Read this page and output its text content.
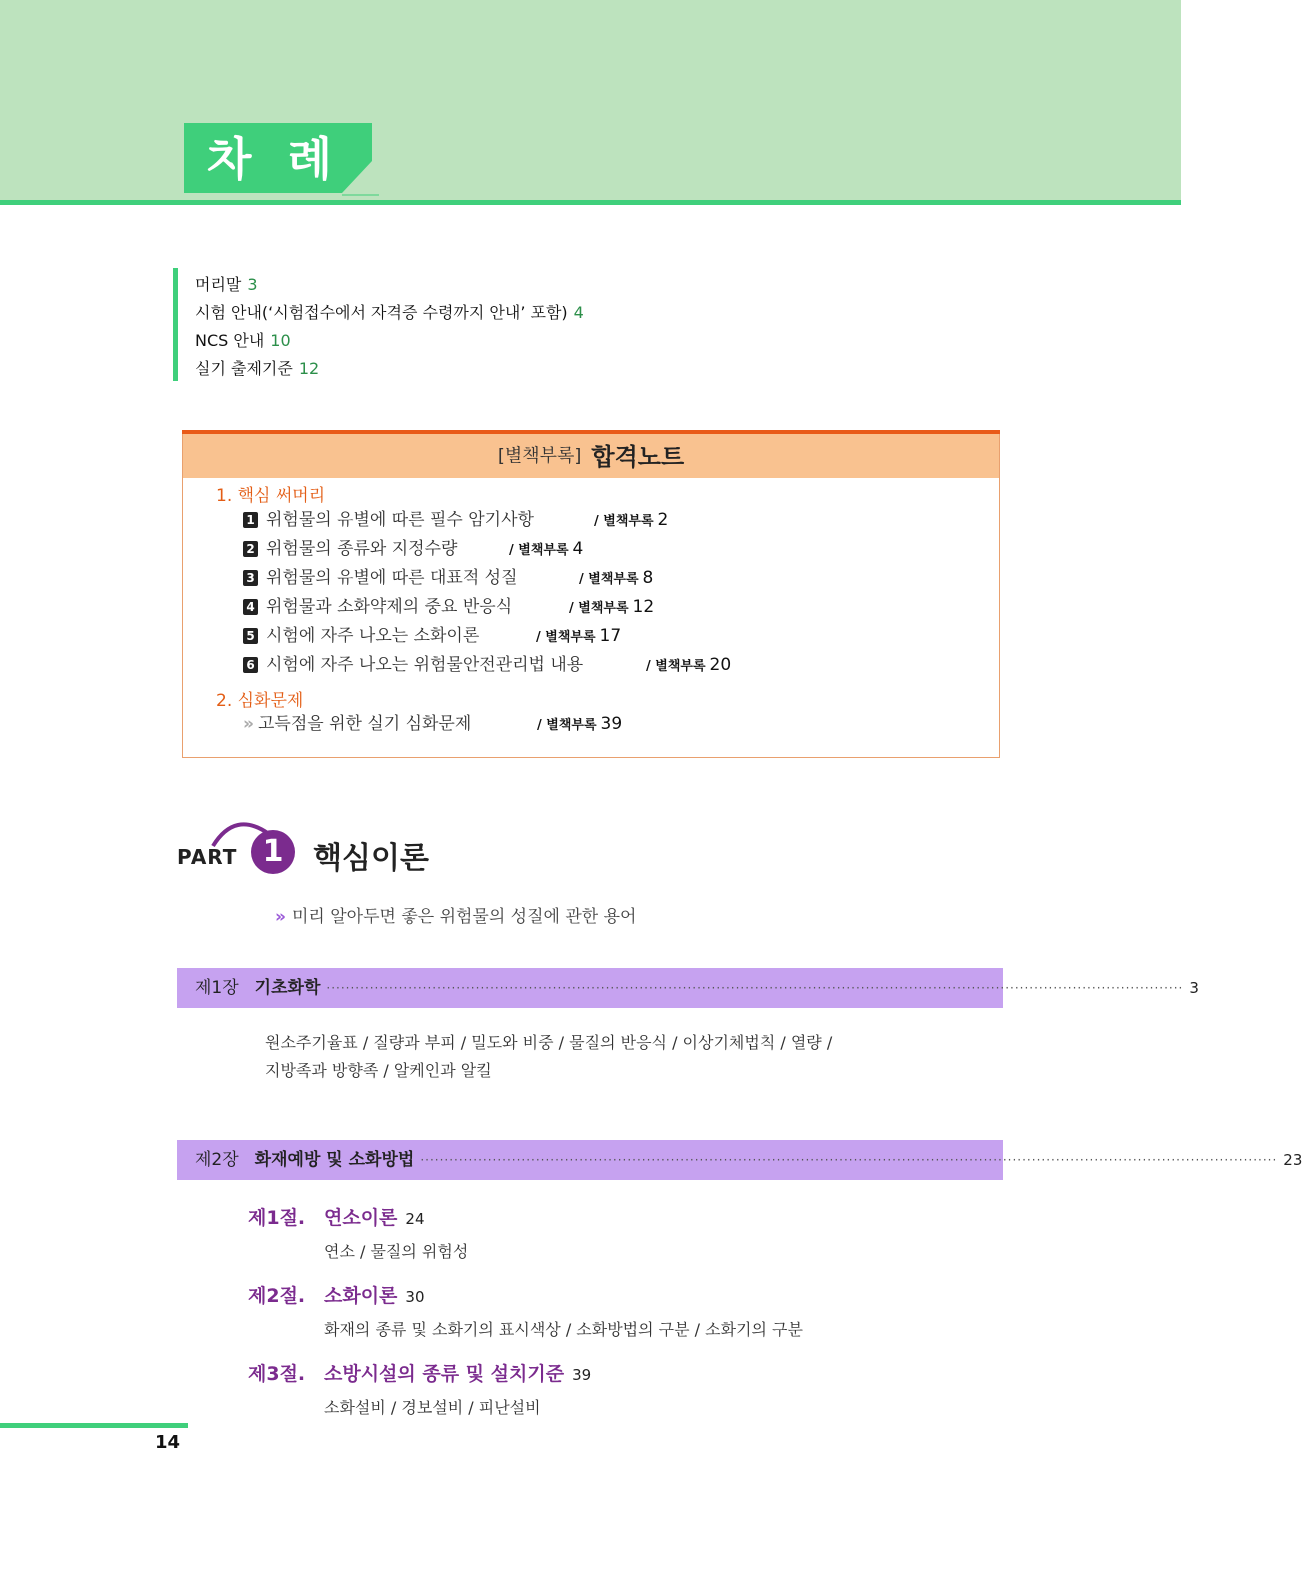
차 례
머리말 3
시험 안내(‘시험접수에서 자격증 수령까지 안내’ 포함) 4
NCS 안내 10
실기 출제기준 12
[별책부록] 합격노트
1. 핵심 써머리
1 위험물의 유별에 따른 필수 암기사항	/ 별책부록 2
2 위험물의 종류와 지정수량	/ 별책부록 4
3 위험물의 유별에 따른 대표적 성질	/ 별책부록 8
4 위험물과 소화약제의 중요 반응식	/ 별책부록 12
5 시험에 자주 나오는 소화이론	/ 별책부록 17
6 시험에 자주 나오는 위험물안전관리법 내용	/ 별책부록 20
2. 심화문제
» 고득점을 위한 실기 심화문제	/ 별책부록 39
PART 1 핵심이론
» 미리 알아두면 좋은 위험물의 성질에 관한 용어
제1장 기초화학 ·················································································································································································· 3
원소주기율표 / 질량과 부피 / 밀도와 비중 / 물질의 반응식 / 이상기체법칙 / 열량 /
지방족과 방향족 / 알케인과 알킬
제2장 화재예방 및 소화방법 ·················································································································································································· 23
제1절. 연소이론 24
연소 / 물질의 위험성
제2절. 소화이론 30
화재의 종류 및 소화기의 표시색상 / 소화방법의 구분 / 소화기의 구분
제3절. 소방시설의 종류 및 설치기준 39
소화설비 / 경보설비 / 피난설비
14
